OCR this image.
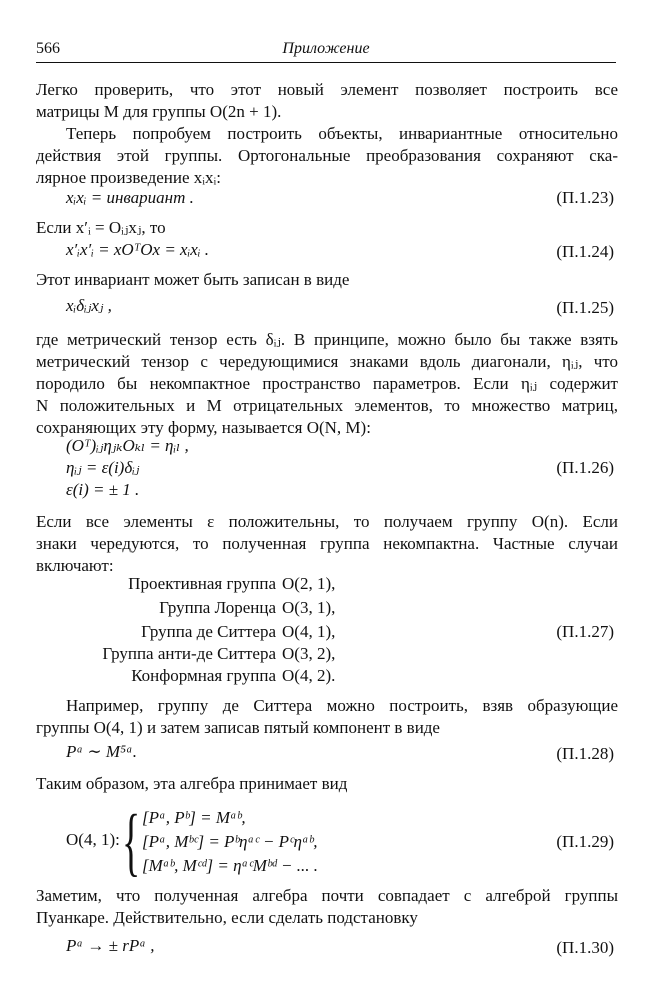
566	Приложение
Легко проверить, что этот новый элемент позволяет построить все
матрицы M для группы O(2n + 1).
Теперь попробуем построить объекты, инвариантные относительно
действия этой группы. Ортогональные преобразования сохраняют ска-
лярное произведение xᵢxᵢ:
xᵢxᵢ = инвариант .	(П.1.23)
Если x′ᵢ = Oᵢⱼxⱼ, то
x′ᵢx′ᵢ = xOᵀOx = xᵢxᵢ .	(П.1.24)
Этот инвариант может быть записан в виде
xᵢδᵢⱼxⱼ ,	(П.1.25)
где метрический тензор есть δᵢⱼ. В принципе, можно было бы также взять
метрический тензор с чередующимися знаками вдоль диагонали, ηᵢⱼ, что
породило бы некомпактное пространство параметров. Если ηᵢⱼ содержит
N положительных и M отрицательных элементов, то множество матриц,
сохраняющих эту форму, называется O(N, M):
(Oᵀ)ᵢⱼηⱼₖOₖₗ = ηᵢₗ ,
ηᵢⱼ = ε(i)δᵢⱼ	(П.1.26)
ε(i) = ± 1 .
Если все элементы ε положительны, то получаем группу O(n). Если
знаки чередуются, то полученная группа некомпактна. Частные случаи
включают:
Проективная группа O(2, 1),
Группа Лоренца O(3, 1),
Группа де Ситтера O(4, 1),	(П.1.27)
Группа анти-де Ситтера O(3, 2),
Конформная группа O(4, 2).
Например, группу де Ситтера можно построить, взяв образующие
группы O(4, 1) и затем записав пятый компонент в виде
Pᵃ ∼ M⁵ᵃ.	(П.1.28)
Таким образом, эта алгебра принимает вид
O(4, 1): { [Pᵃ, Pᵇ] = Mᵃᵇ,
[Pᵃ, Mᵇᶜ] = Pᵇηᵃᶜ − Pᶜηᵃᵇ,	(П.1.29)
[Mᵃᵇ, Mᶜᵈ] = ηᵃᶜMᵇᵈ − ... .
Заметим, что полученная алгебра почти совпадает с алгеброй группы
Пуанкаре. Действительно, если сделать подстановку
Pᵃ → ± rPᵃ ,	(П.1.30)
